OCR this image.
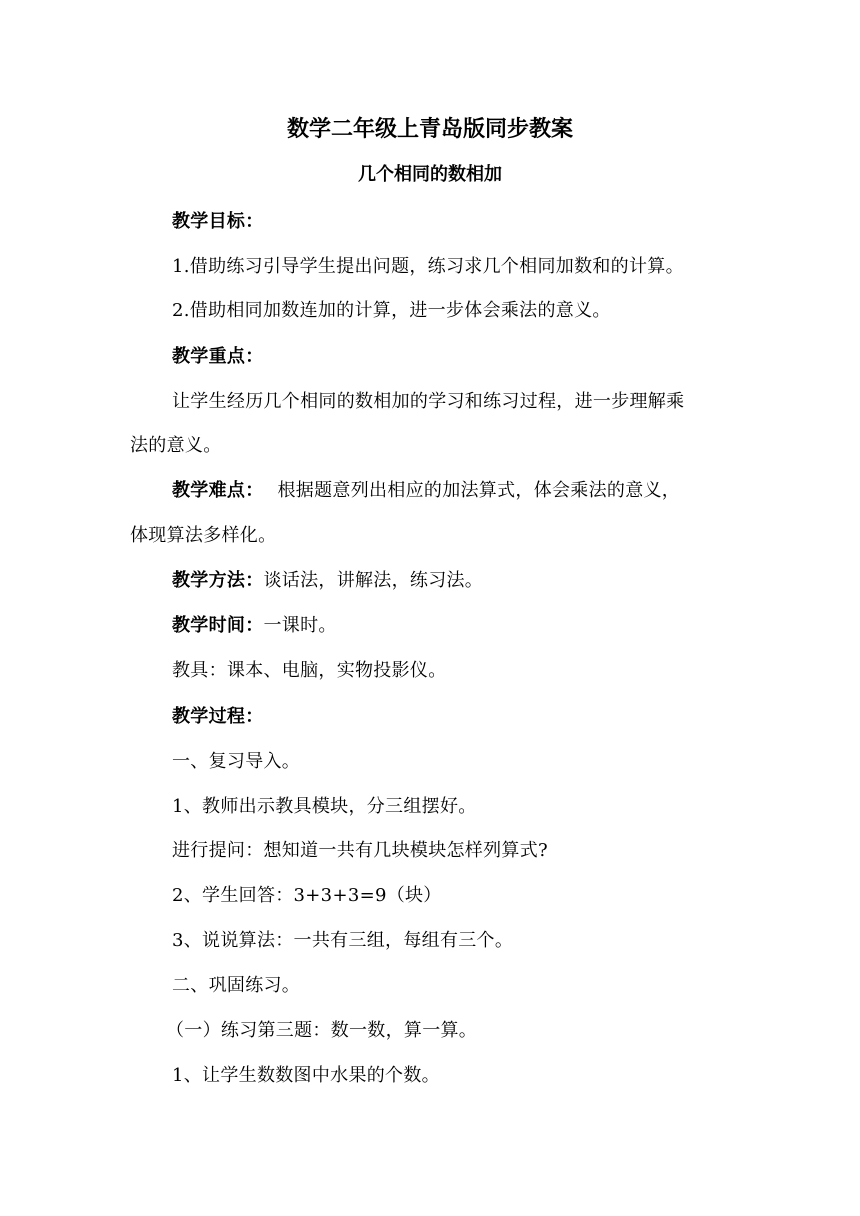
数学二年级上青岛版同步教案
几个相同的数相加
教学目标：
1.借助练习引导学生提出问题，练习求几个相同加数和的计算。
2.借助相同加数连加的计算，进一步体会乘法的意义。
教学重点：
让学生经历几个相同的数相加的学习和练习过程，进一步理解乘
法的意义。
教学难点： 根据题意列出相应的加法算式，体会乘法的意义，
体现算法多样化。
教学方法：谈话法，讲解法，练习法。
教学时间：一课时。
教具：课本、电脑，实物投影仪。
教学过程：
一、复习导入。
1、教师出示教具模块，分三组摆好。
进行提问：想知道一共有几块模块怎样列算式?
2、学生回答：3+3+3=9（块）
3、说说算法：一共有三组，每组有三个。
二、巩固练习。
（一）练习第三题：数一数，算一算。
1、让学生数数图中水果的个数。
